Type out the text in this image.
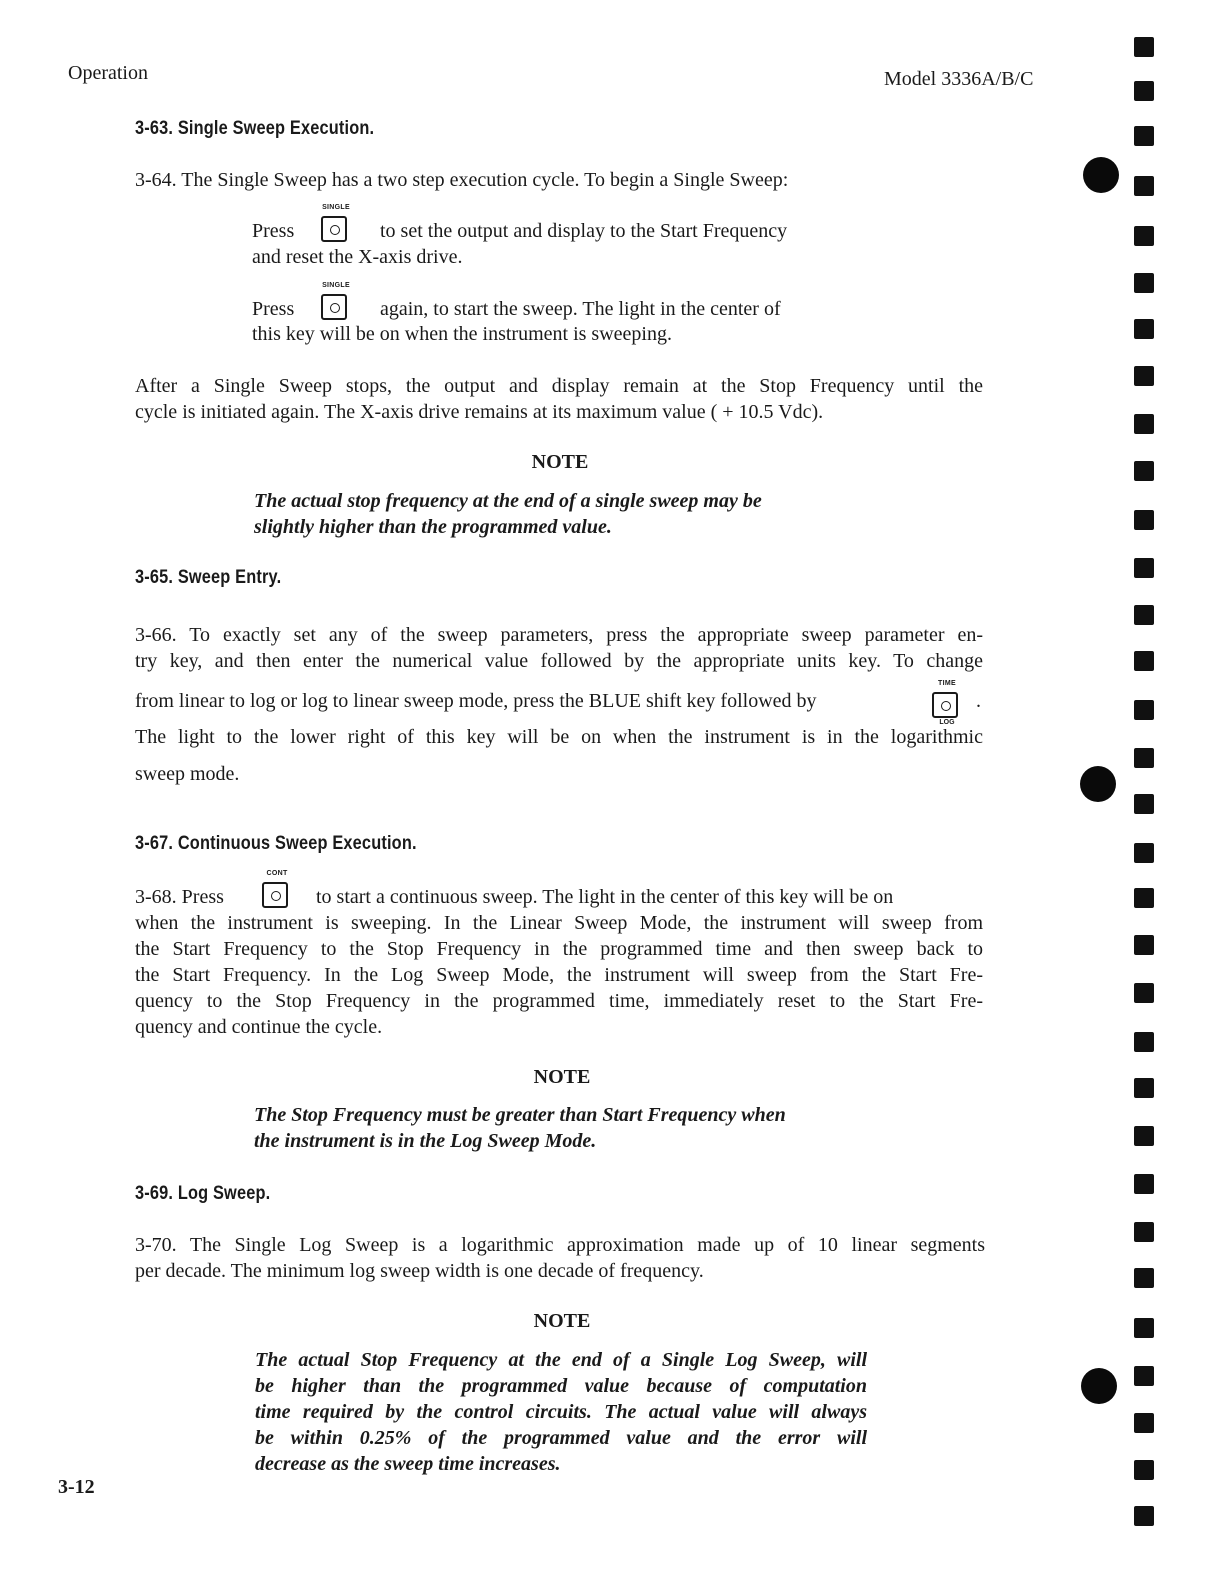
Operation	Model 3336A/B/C
3-63. Single Sweep Execution.
3-64. The Single Sweep has a two step execution cycle. To begin a Single Sweep:
Press
SINGLE
to set the output and display to the Start Frequency
and reset the X-axis drive.
Press
SINGLE
again, to start the sweep. The light in the center of
this key will be on when the instrument is sweeping.
After a Single Sweep stops, the output and display remain at the Stop Frequency until the
cycle is initiated again. The X-axis drive remains at its maximum value ( + 10.5 Vdc).
NOTE
The actual stop frequency at the end of a single sweep may be
slightly higher than the programmed value.
3-65. Sweep Entry.
3-66. To exactly set any of the sweep parameters, press the appropriate sweep parameter en-
try key, and then enter the numerical value followed by the appropriate units key. To change
from linear to log or log to linear sweep mode, press the BLUE shift key followed by
TIME
LOG
.
The light to the lower right of this key will be on when the instrument is in the logarithmic
sweep mode.
3-67. Continuous Sweep Execution.
3-68. Press
CONT
to start a continuous sweep. The light in the center of this key will be on
when the instrument is sweeping. In the Linear Sweep Mode, the instrument will sweep from
the Start Frequency to the Stop Frequency in the programmed time and then sweep back to
the Start Frequency. In the Log Sweep Mode, the instrument will sweep from the Start Fre-
quency to the Stop Frequency in the programmed time, immediately reset to the Start Fre-
quency and continue the cycle.
NOTE
The Stop Frequency must be greater than Start Frequency when
the instrument is in the Log Sweep Mode.
3-69. Log Sweep.
3-70. The Single Log Sweep is a logarithmic approximation made up of 10 linear segments
per decade. The minimum log sweep width is one decade of frequency.
NOTE
The actual Stop Frequency at the end of a Single Log Sweep, will
be higher than the programmed value because of computation
time required by the control circuits. The actual value will always
be within 0.25% of the programmed value and the error will
decrease as the sweep time increases.
3-12
